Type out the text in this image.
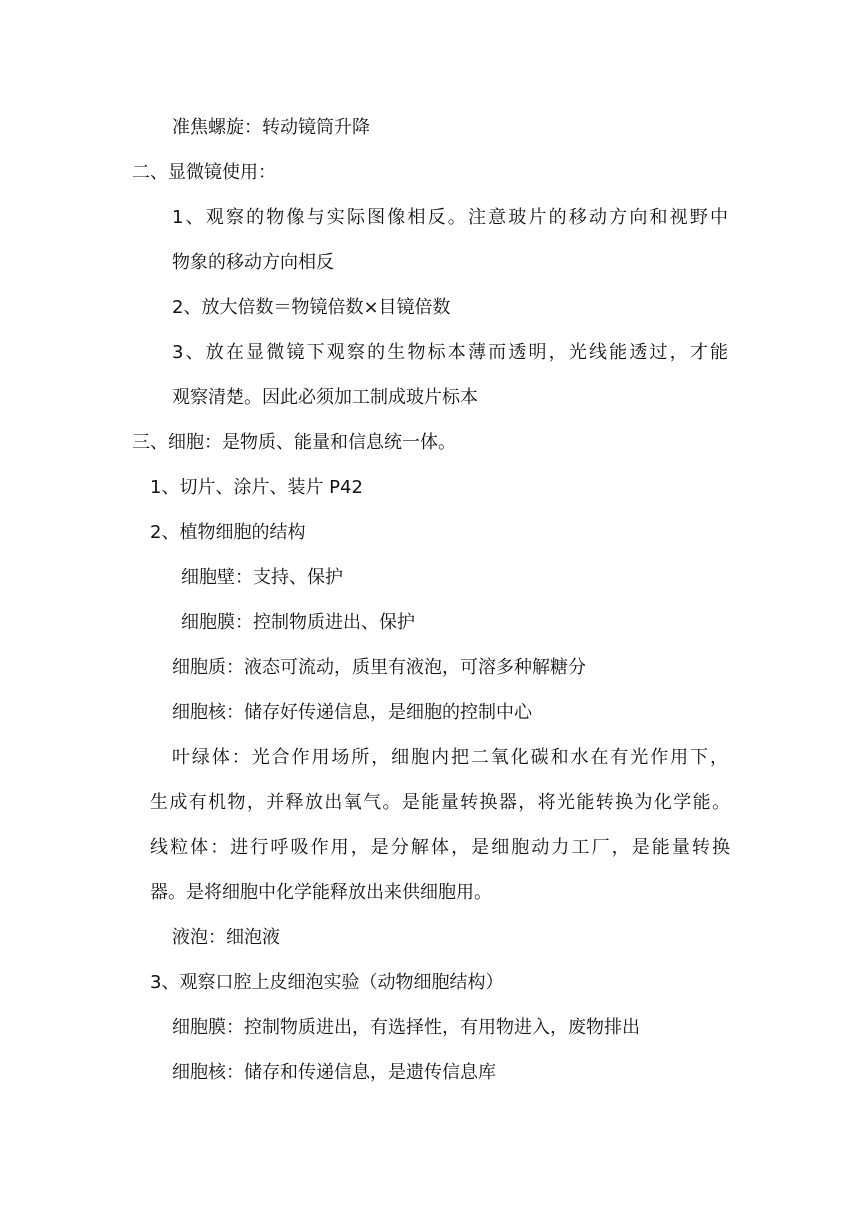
准焦螺旋：转动镜筒升降
二、显微镜使用：
1、观察的物像与实际图像相反。注意玻片的移动方向和视野中
物象的移动方向相反
2、放大倍数＝物镜倍数×目镜倍数
3、放在显微镜下观察的生物标本薄而透明，光线能透过，才能
观察清楚。因此必须加工制成玻片标本
三、细胞：是物质、能量和信息统一体。
1、切片、涂片、装片 P42
2、植物细胞的结构
细胞壁：支持、保护
细胞膜：控制物质进出、保护
细胞质：液态可流动，质里有液泡，可溶多种解糖分
细胞核：储存好传递信息，是细胞的控制中心
叶绿体：光合作用场所，细胞内把二氧化碳和水在有光作用下，
生成有机物，并释放出氧气。是能量转换器，将光能转换为化学能。
线粒体：进行呼吸作用，是分解体，是细胞动力工厂，是能量转换
器。是将细胞中化学能释放出来供细胞用。
液泡：细泡液
3、观察口腔上皮细泡实验（动物细胞结构）
细胞膜：控制物质进出，有选择性，有用物进入，废物排出
细胞核：储存和传递信息，是遗传信息库
